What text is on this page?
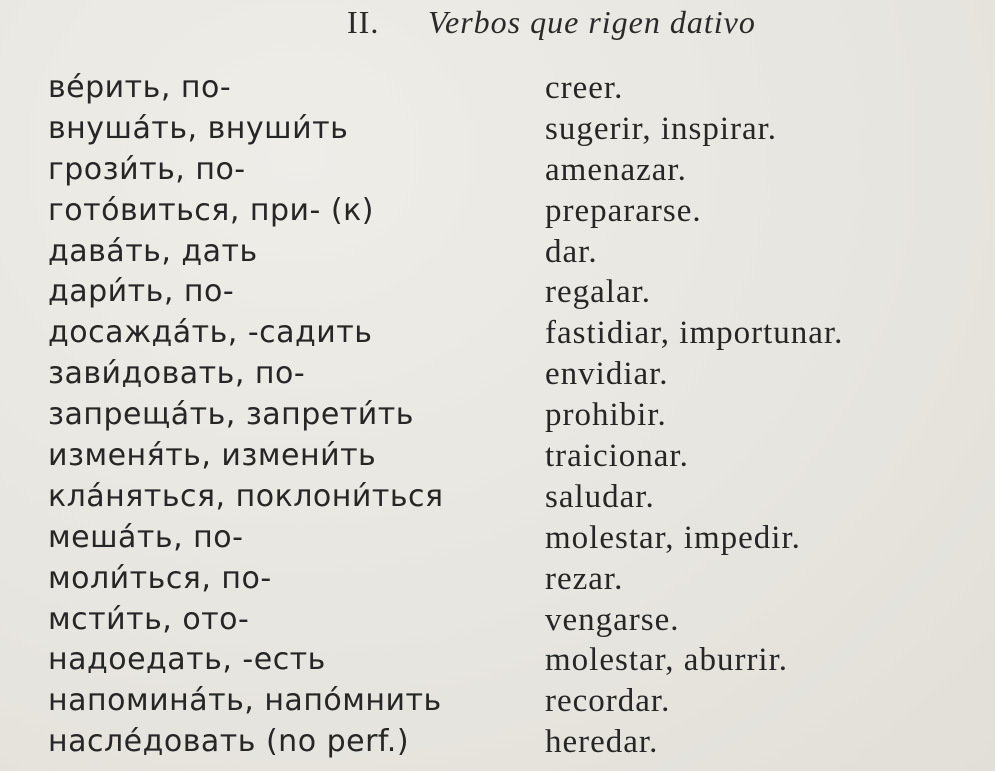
II. Verbos que rigen dativo
ве́рить, по-	creer.
внуша́ть, внуши́ть	sugerir, inspirar.
грози́ть, по-	amenazar.
гото́виться, при- (к)	prepararse.
дава́ть, дать	dar.
дари́ть, по-	regalar.
досажда́ть, -садить	fastidiar, importunar.
зави́довать, по-	envidiar.
запреща́ть, запрети́ть	prohibir.
изменя́ть, измени́ть	traicionar.
кла́няться, поклони́ться	saludar.
меша́ть, по-	molestar, impedir.
моли́ться, по-	rezar.
мсти́ть, ото-	vengarse.
надоедать, -есть	molestar, aburrir.
напомина́ть, напо́мнить	recordar.
насле́довать (no perf.)	heredar.
